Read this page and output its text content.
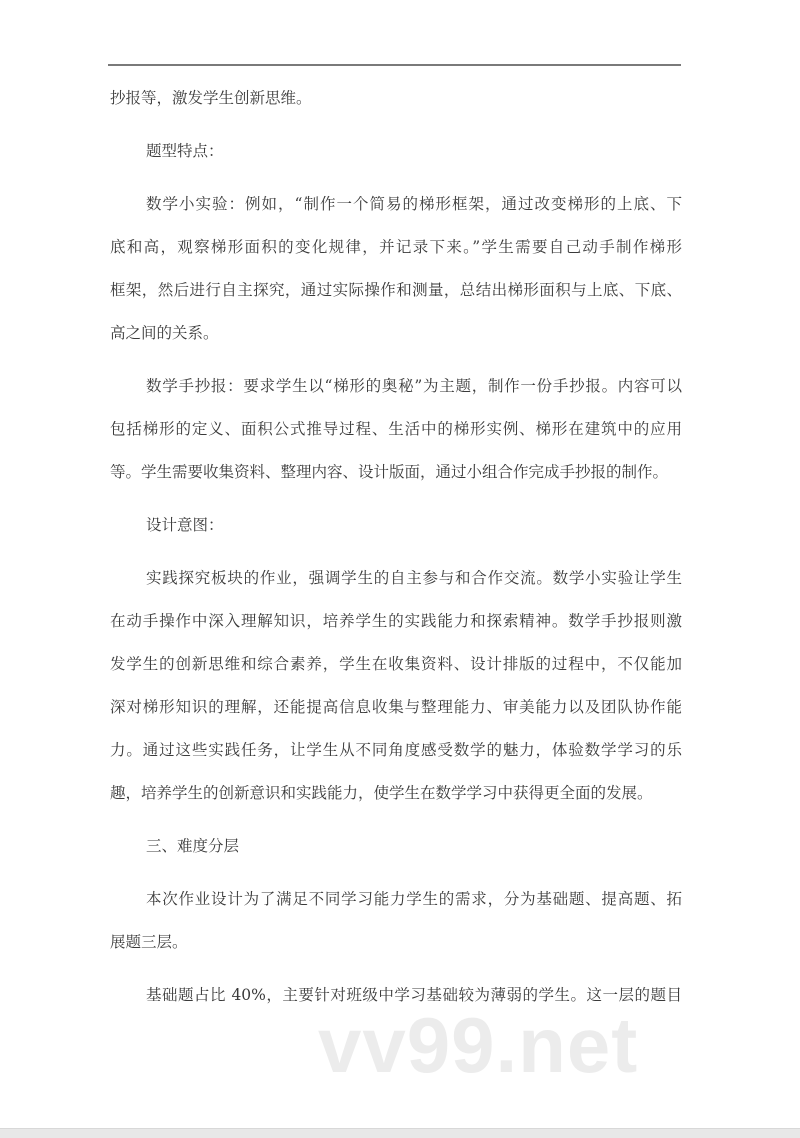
抄报等，激发学生创新思维。
题型特点：
数学小实验：例如，“制作一个简易的梯形框架，通过改变梯形的上底、下
底和高，观察梯形面积的变化规律，并记录下来。”学生需要自己动手制作梯形
框架，然后进行自主探究，通过实际操作和测量，总结出梯形面积与上底、下底、
高之间的关系。
数学手抄报：要求学生以“梯形的奥秘”为主题，制作一份手抄报。内容可以
包括梯形的定义、面积公式推导过程、生活中的梯形实例、梯形在建筑中的应用
等。学生需要收集资料、整理内容、设计版面，通过小组合作完成手抄报的制作。
设计意图：
实践探究板块的作业，强调学生的自主参与和合作交流。数学小实验让学生
在动手操作中深入理解知识，培养学生的实践能力和探索精神。数学手抄报则激
发学生的创新思维和综合素养，学生在收集资料、设计排版的过程中，不仅能加
深对梯形知识的理解，还能提高信息收集与整理能力、审美能力以及团队协作能
力。通过这些实践任务，让学生从不同角度感受数学的魅力，体验数学学习的乐
趣，培养学生的创新意识和实践能力，使学生在数学学习中获得更全面的发展。
三、难度分层
本次作业设计为了满足不同学习能力学生的需求，分为基础题、提高题、拓
展题三层。
基础题占比 40%，主要针对班级中学习基础较为薄弱的学生。这一层的题目
vv99.net
